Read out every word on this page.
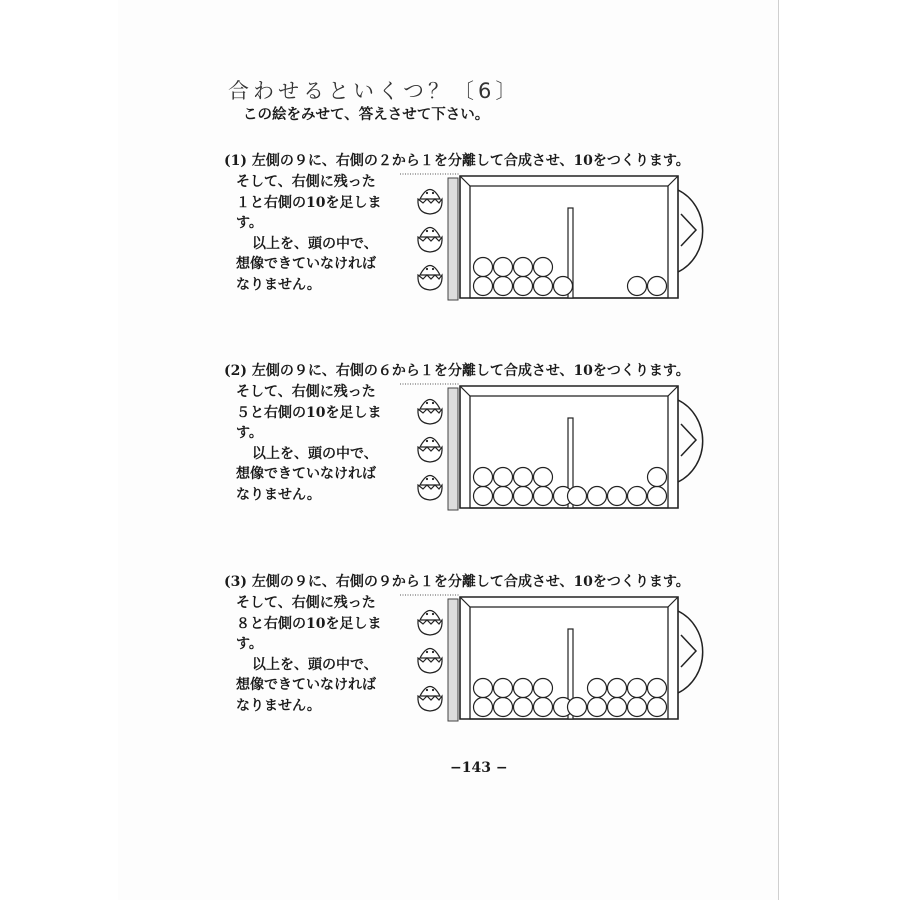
合わせるといくつ？〔6〕
この絵をみせて、答えさせて下さい。
(1) 左側の９に、右側の２から１を分離して合成させ、10をつくります。
そして、右側に残った
１と右側の10を足しま
す。
以上を、頭の中で、
想像できていなければ
なりません。
(2) 左側の９に、右側の６から１を分離して合成させ、10をつくります。
そして、右側に残った
５と右側の10を足しま
す。
以上を、頭の中で、
想像できていなければ
なりません。
(3) 左側の９に、右側の９から１を分離して合成させ、10をつくります。
そして、右側に残った
８と右側の10を足しま
す。
以上を、頭の中で、
想像できていなければ
なりません。
−143 −
